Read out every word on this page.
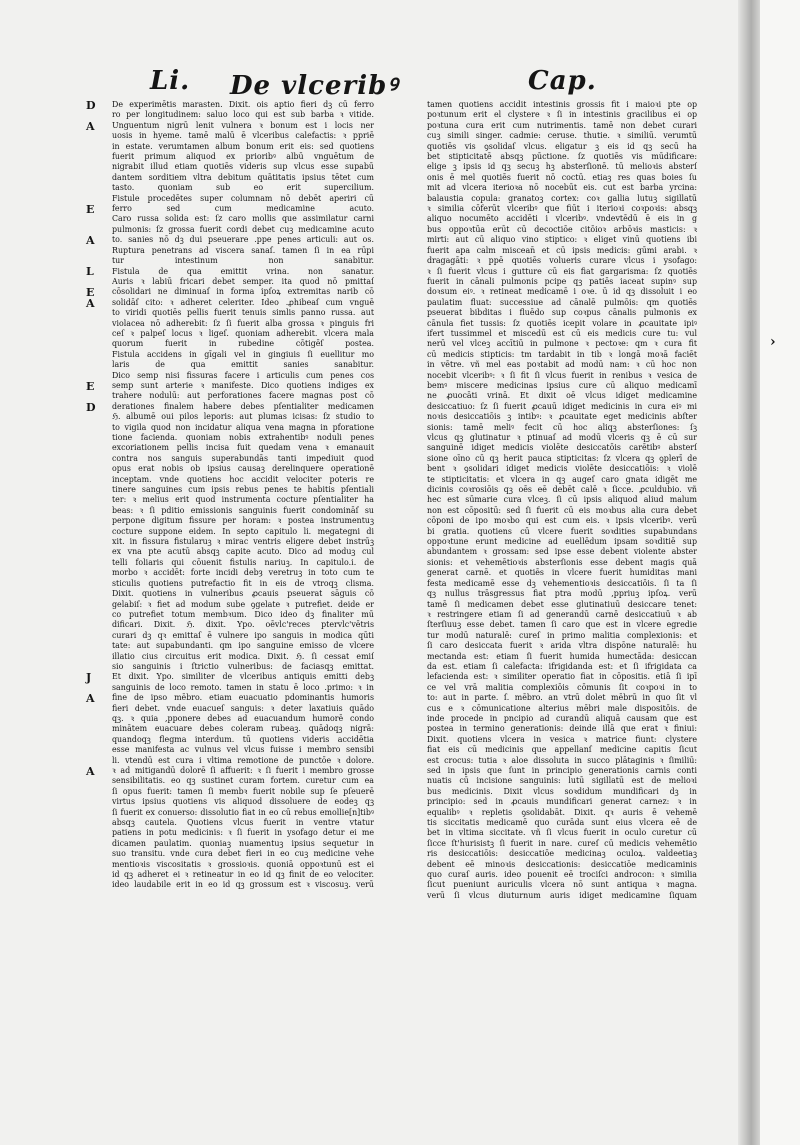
›
Li. De vlceribꝰ	Cap.
D
A
E
A
L
E
A
E
D
J
A
A
De experimētis marasten. Dixit. ois aptio fieri dꝫ cū ferro
ro per longitudinem: saluo loco qui est sub barba ꝛ vitide.
Unguentum nigrū lenit vulnera ꝛ bonum est i locis ner
uosis in hyeme. tamē malū ē vlceribus calefactis: ꝛ ppriē
in estate. verumtamen album bonum erit eis: sed quotiens
fuerit primum aliquod ex prioribꝰ albū vnguētum de
nigrabit illud etiam quotiēs videris sup vlcus esse supabū
dantem sorditiem vltra debitum quātitatis ipsius tētet cum
tasto. quoniam sub eo erit supercilium.
Fistule procedētes super columnam nō debēt aperiri cū
ferro sed cum medicamine acuto.
Caro russa solida est: ſz caro mollis que assimilatur carni
pulmonis: ſz grossa fuerit cordi debet cuꝫ medicamine acuto
to. sanies nō dꝫ dui pseuerare .ppe penes articuli: aut os.
Ruptura penetrans ad viscera sanaſ. tamen ſi in ea rūpi
tur intestinum non sanabitur.
Fistula de qua emittit vrina. non sanatur.
Auris ꝛ labiū fricari debet semper. ita quod nō pmittaſ
cōsolidari ne diminuaſ in forma ipſoꝝ extremitas narib cō
solidāſ cito: ꝛ adheret celeriter. Ideo .ꝓhibeaſ cum vnguē
to viridi quotiēs pellis fuerit tenuis simlis panno russa. aut
violacea nō adherebit: ſz ſi fuerit alba grossa ꝛ pinguis fri
ceſ ꝛ palpeſ locus ꝛ ligeſ. quoniam adherebit. vlcera mala
quorum fuerit in rubedine cōtigēſ postea.
Fistula accidens in gīgali vel in gingiuis ſi euellitur mo
laris de qua emittit sanies sanabitur.
Dico semp nisi fissuras facere i articulis cum penes cos
semp sunt arterie ꝛ manifeste. Dico quotiens indiges ex
trahere nodulū: aut perforationes facere magnas post cō
derationes finalem habere debes pſentialiter medicamen
ℌ. albumē oui pilos leporis: aut plumas icisas: ſz studio to
to vigila quod non incidatur aliqua vena magna in pforatione
tione facienda. quoniam nobis extrahentibꝰ noduli penes
excoriationem pellis incisa fuit quedam vena ꝛ emanauit
contra nos sanguis superabundās tanti impediuit quod
opus erat nobis ob ipsius causaꝫ derelinquere operationē
inceptam. vnde quotiens hoc accidit velociter poteris re
tinere sanguines cum ipsis rebus penes te habitis pſentiali
ter: ꝛ melius erit quod instrumenta cocture pſentialiter ha
beas: ꝛ ſi pditio emissionis sanguinis fuerit condomināſ su
perpone digitum fissure per horam: ꝛ postea instrumentuꝫ
cocture suppone eidem. In septo capitulo li. megategni di
xit. in fissura fistularuꝫ ꝛ mirac ventris eligere debet instrūꝫ
ex vna pte acutū absqꝫ capite acuto. Dico ad moduꝫ cul
telli foliaris qui cōuenit fistulis nariuꝫ. In capitulo.i. de
morbo ꝛ accidēt: forte incidi debȝ veretruꝫ in toto cum te
sticulis quotiens putrefactio fit in eis de vtroqꝫ clisma.
Dixit. quotiens in vulneribus ꝓcauis pseuerat sāguis cō
gelabiſ: ꝛ fiet ad modum sube ꝯgelate ꝛ putrefiet. deide er
co putrefiet totum membꝛum. Dico ideo dꝫ finaliter mū
dificari. Dixit. ℌ. dixit. Ypo. oēvlc'reces ptervlc'vētris
curari dꝫ qꝛ emittaſ ē vulnere ipo sanguis in modica qūti
tate: aut supabundanti. qm ipo sanguine emisso de vlcere
illatio cius circuitus erit modica. Dixit. ℌ. ſi cessat emiſ
sio sanguinis i ſtrictio vulneribus: de faciasqꝫ emittat.
Et dixit. Ypo. similiter de vlceribus antiquis emitti debꝫ
sanguinis de loco remoto. tamen in statu ē loco .primo: ꝛ in
fine de ipso mēbro. etiam euacuatio pdominantis humoris
fieri debet. vnde euacueſ sanguis: ꝛ deter laxatiuis quādo
qꝫ. ꝛ quia ,pponere debes ad euacuandum humorē condo
minātem euacuare debes coleram rubeaꝫ. quādoqꝫ nigrā:
quandoqꝫ flegma interdum. tū quotiens videris accidētia
esse manifesta ac vulnus vel vlcus fuisse i membro sensibi
li. vtendū est cura i vltima remotione de punctōe ꝛ dolore.
ꝛ ad mitigandū dolorē ſi affuerit: ꝛ ſi fuerit i membro grosse
sensibilitatis. eo qꝫ sustinet curam fortem. curetur cum ea
ſi opus fuerit: tamen ſi membꝛ fuerit nobile sup ſe pſeuerē
virtus ipsius quotiens vis aliquod dissoluere de eodeꝫ qꝫ
ſi fuerit ex conuerso: dissolutio fiat in eo cū rebus emollie[n]tibꝰ
absqꝫ cautela. Quotiens vlcus fuerit in ventre vtatur
patiens in potu medicinis: ꝛ ſi fuerit in ysofago detur ei me
dicamen paulatim. quoniaꝫ nuamentuꝫ ipsius sequetur in
suo transitu. vnde cura debet fieri in eo cuꝫ medicine vehe
mentioꝛis viscositatis ꝛ grossioꝛis. quoniā oppoꝛtunū est ei
id qꝫ adheret ei ꝛ retineatur in eo id qꝫ finit de eo velociter.
ideo laudabile erit in eo id qꝫ grossum est ꝛ viscosuꝫ. verū
tamen quotiens accidit intestinis grossis fit i maioꝛi pte op
poꝛtunum erit el clystere ꝛ ſi in intestinis gracilibus ei op
poꝛtuna cura erit cum nutrimentis. tamē non debet curari
cuꝫ simili singer. cadmie: ceruse. thutie. ꝛ similiū. verumtū
quotiēs vis ꝯsolidaſ vlcus. eligatur ꝫ eis id qꝫ secū ha
bet stipticitatē absqꝫ pūctione. ſz quotiēs vis mūdificare:
elige ꝫ ipsis id qꝫ secuꝫ hꝫ absterſionē. tū melioꝛis absterſ
onis ē mel quotiēs fuerit nō coctū. etiaꝫ res quas boies ſu
mit ad vlcera iterioꝛa nō nocebūt eis. cut est barba yrcina:
balaustia copula: granatoꝫ cortex: coꝛ gallia lutuꝫ sigillatū
ꝛ similia cōferūt vlceribꝰ que fiūt i iterioꝛi coꝛpoꝛis: absqꝫ
aliquo nocumēto accidēti i vlceribꝰ. vndevtēdū ē eis in g
bus oppoꝛtūa erūt cū decoctiōe citōioꝛ arbōꝛis masticis: ꝛ
mirti: aut cū aliquo vino stiptico: ꝛ eliget vinū quotiens ibi
fuerit apa calm miscean̄ et cū ipsis medicis: gūmi arabi. ꝛ
dragagāti: ꝛ ppē quotiēs volueris curare vlcus i ysofago:
ꝛ ſi fuerit vlcus i gutture cū eis fiat gargarisma: ſz quotiēs
fuerit in cānali pulmonis pcipe qꝫ patiēs iaceat supinꝰ sup
doꝛsum eiꝰ. ꝛ retineat medicamē i oꝛe. ū id qꝫ dissoluit i eo
paulatim fluat: successiue ad cānalē pulmōis: qm quotiēs
pseuerat bibditas i fluēdo sup coꝛpus cānalis pulmonis ex
cānula fiet tussis: ſz quotiēs icepit volare in ꝓcauitate ipiꝰ
ifert tussimmel et miscedū est cū eis medicis cure tu: vul
nerū vel vlceꝫ accītiū in pulmone ꝛ pectoꝛe: qm ꝛ cura fit
cū medicis stipticis: tm tardabit in tib ꝛ longā moꝛā faciēt
in vētre. vñ mel eas poꝛtabit ad modū nam: ꝛ cū hoc non
nocebit vlceribꝰ: ꝛ ſi fit ſi vlcus fuerit in renibus ꝛ vesica de
bemꝰ miscere medicinas ipsius cure cū aliquo medicamī
ne ꝓuocāti vrinā. Et dixit oē vlcus idiget medicamine
desiccatiuo: ſz ſi fuerit ꝓcauū idiget medicinis in cura eiꝰ mi
noꝛis desiccatiōis ꝫ intibꝰ: ꝛ ꝓcauitate eget medicinis abſter
sionis: tamē meliꝰ fecit cū hoc aliqꝫ absterſiones: ſꝫ
vlcus qꝫ glutinatur ꝛ ptinuaſ ad modū vlceris qꝫ ē cū sur
sanguinē idiget medicis violēte desiccatōis carētibꝰ absterſ
sione oīno cū qꝫ herit pauca stipticitas: ſz vlcera qꝫ ꝯplerī de
bent ꝛ ꝯsolidari idiget medicis violēte desiccatiōis: ꝛ violē
te stipticitatis: et vlcera in qꝫ augeſ caro gnata idigēt me
dicinis coꝛrosiōis qꝫ oēs eē debēt calē ꝛ ſicce. ꝓculdubio. vñ
hec est sūmarie cura vlceꝫ. ſi cū ipsis aliquod aliud malum
non est cōpositū: sed ſi fuerit cū eis moꝛbus alia cura debet
cōponi de ipo moꝛbo qui est cum eis. ꝛ ipsis vlceribꝰ. verū
bi gratia. quotiens cū vlcere fuerit soꝛdities supabundans
oppoꝛtune erunt medicine ad euellēdum ipsam soꝛditiē sup
abundantem ꝛ grossam: sed ipse esse debent violente abster
sionis: et vehemētioꝛis absterſionis esse debent magis quā
generat carnē. et quotiēs in vlcere fuerit humiditas mani
festa medicamē esse dꝫ vehementioꝛis desiccatiōis. ſi ta ſi
qꝫ nullus trāsgressus fiat ptra modū ,ppriuꝫ ipſoꝝ. verū
tamē ſi medicamen debet esse glutinatiuū desiccare tenet:
ꝛ restringere etiam ſi ad generandū carnē desiccatiuū ꝛ ab
ſterſiuuꝫ esse debet. tamen ſi caro que est in vlcere egredie
tur modū naturalē: cureſ in primo malitia complexionis: et
ſi caro desiccata fuerit ꝛ arida vltra dispōne naturalē: hu
mectanda est: etiam ſi fuerit humida humectāda: desiccan
da est. etiam ſi calefacta: ifrigidanda est: et ſi ifrigidata ca
lefacienda est: ꝛ similiter operatio fiat in cōpositis. etiā ſi ipī
ce vel vrā malitia complexiōis cōmunis ſit coꝛpoꝛi in to
to: aut in parte. ſ. mēbro. an vtrū dolet mēbrū in quo ſit vl
cus e ꝛ cōmunicatione alterius mēbri male dispositōis. de
inde procede in pncipio ad curandū aliquā causam que est
postea in termino generationis: deinde illā que erat ꝛ finiui:
Dixit. quotiens vlcera in vesica ꝛ matrice fiunt: clystere
fiat eis cū medicinis que appellanſ medicine capitis ſicut
est crocus: tutia ꝛ aloe dissoluta in succo plātaginis ꝛ ſimiliū:
sed in ipsis que ſunt in principio generationis carnis conti
nuatis cū incisione sanguinis: lutū sigillatū est de melioꝛi
bus medicinis. Dixit vlcus soꝛdidum mundificari dꝫ in
principio: sed in ꝓcauis mundificari generat carnez: ꝛ in
equalibꝰ ꝛ repletis ꝯsolidabāt. Dixit. qꝛ auris ē vehemē
tis siccitatis medicamē quo curāda sunt eius vlcera eē de
bet in vltima siccitate. vñ ſi vlcus fuerit in oculo curetur cū
ſicce ſt'hurisistꝫ ſi fuerit in nare. cureſ cū medicis vehemētio
ris desiccatiōis: desiccatiōe medicinaꝫ oculoꝝ. valdeetiaꝫ
debent eē minoꝛis desiccationis: desiccatiōe medicaminis
quo curaſ auris. ideo pouenit eē trociſci androcon: ꝛ similia
ſicut pueniunt auriculis vlcera nō sunt antiqua ꝛ magna.
verū ſi vlcus diuturnum auris idiget medicamine ſiquam
